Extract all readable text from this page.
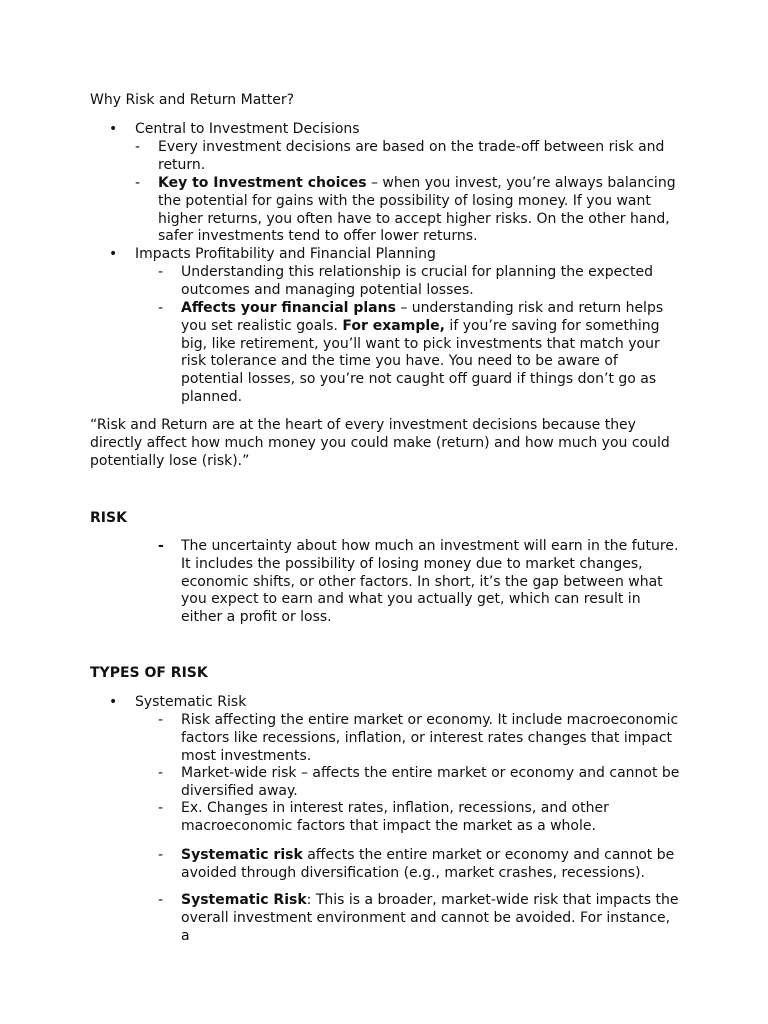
Why Risk and Return Matter?

• Central to Investment Decisions

- Every investment decisions are based on the trade-off between risk and return.

- Key to Investment choices – when you invest, you’re always balancing the potential for gains with the possibility of losing money. If you want higher returns, you often have to accept higher risks. On the other hand, safer investments tend to offer lower returns.

• Impacts Profitability and Financial Planning

- Understanding this relationship is crucial for planning the expected outcomes and managing potential losses.

- Affects your financial plans – understanding risk and return helps you set realistic goals. For example, if you’re saving for something big, like retirement, you’ll want to pick investments that match your risk tolerance and the time you have. You need to be aware of potential losses, so you’re not caught off guard if things don’t go as planned.

“Risk and Return are at the heart of every investment decisions because they directly affect how much money you could make (return) and how much you could potentially lose (risk).”

RISK

- The uncertainty about how much an investment will earn in the future. It includes the possibility of losing money due to market changes, economic shifts, or other factors. In short, it’s the gap between what you expect to earn and what you actually get, which can result in either a profit or loss.

TYPES OF RISK

• Systematic Risk

- Risk affecting the entire market or economy. It include macroeconomic factors like recessions, inflation, or interest rates changes that impact most investments.

- Market-wide risk – affects the entire market or economy and cannot be diversified away.

- Ex. Changes in interest rates, inflation, recessions, and other macroeconomic factors that impact the market as a whole.

- Systematic risk affects the entire market or economy and cannot be avoided through diversification (e.g., market crashes, recessions).

- Systematic Risk: This is a broader, market-wide risk that impacts the overall investment environment and cannot be avoided. For instance, a
